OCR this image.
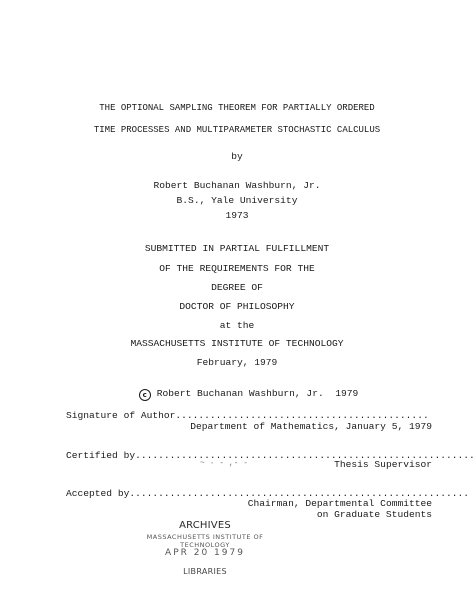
THE OPTIONAL SAMPLING THEOREM FOR PARTIALLY ORDERED
TIME PROCESSES AND MULTIPARAMETER STOCHASTIC CALCULUS
by
Robert Buchanan Washburn, Jr.
B.S., Yale University
1973
SUBMITTED IN PARTIAL FULFILLMENT
OF THE REQUIREMENTS FOR THE
DEGREE OF
DOCTOR OF PHILOSOPHY
at the
MASSACHUSETTS INSTITUTE OF TECHNOLOGY
February, 1979

c Robert Buchanan Washburn, Jr.  1979

Signature of Author............................................
Department of Mathematics, January 5, 1979
Certified by...........................................................
~ · - ,- -	Thesis Supervisor
Accepted by...........................................................
Chairman, Departmental Committee
on Graduate Students
ARCHIVES
MASSACHUSETTS INSTITUTE OF TECHNOLOGY
APR 20 1979
LIBRARIES
